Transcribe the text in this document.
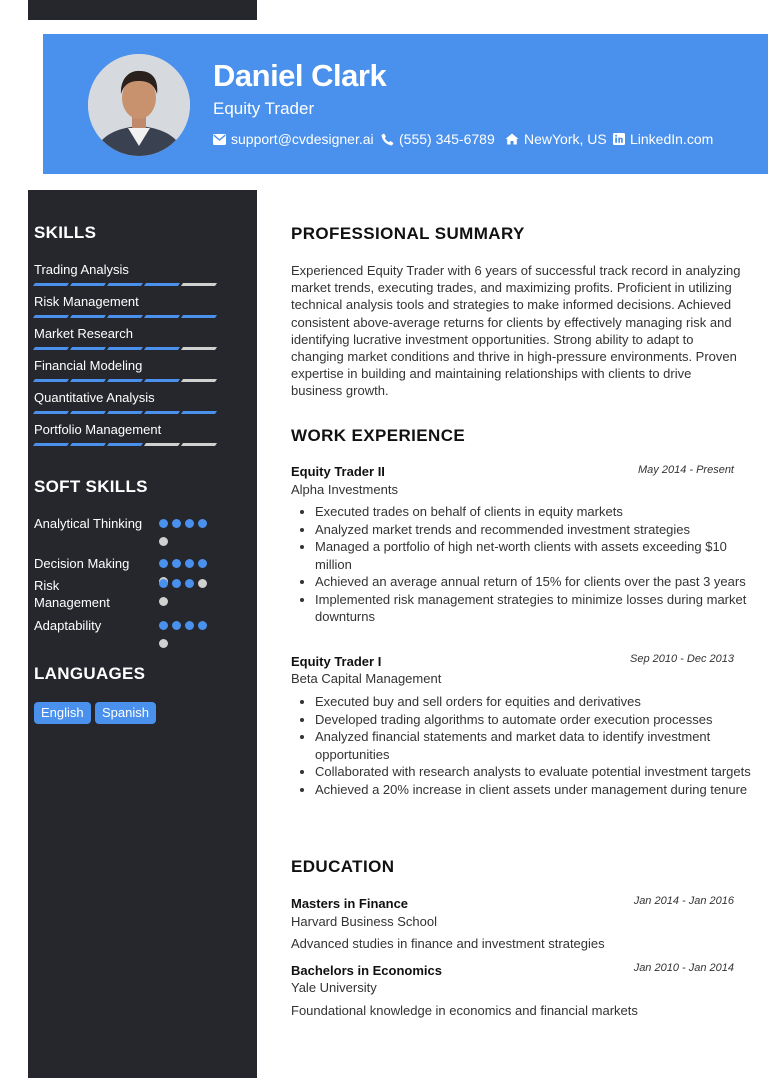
Daniel Clark
Equity Trader
support@cvdesigner.ai (555) 345-6789 NewYork, US LinkedIn.com
SKILLS
Trading Analysis
Risk Management
Market Research
Financial Modeling
Quantitative Analysis
Portfolio Management
SOFT SKILLS
Analytical Thinking
Decision Making
Risk Management
Adaptability
LANGUAGES
English	Spanish
PROFESSIONAL SUMMARY

Experienced Equity Trader with 6 years of successful track record in analyzing market trends, executing trades, and maximizing profits. Proficient in utilizing technical analysis tools and strategies to make informed decisions. Achieved consistent above-average returns for clients by effectively managing risk and identifying lucrative investment opportunities. Strong ability to adapt to changing market conditions and thrive in high-pressure environments. Proven expertise in building and maintaining relationships with clients to drive business growth.

WORK EXPERIENCE
Equity Trader II	May 2014 - Present
Alpha Investments
• Executed trades on behalf of clients in equity markets
• Analyzed market trends and recommended investment strategies
• Managed a portfolio of high net-worth clients with assets exceeding $10 million
• Achieved an average annual return of 15% for clients over the past 3 years
• Implemented risk management strategies to minimize losses during market downturns
Equity Trader I	Sep 2010 - Dec 2013
Beta Capital Management
• Executed buy and sell orders for equities and derivatives
• Developed trading algorithms to automate order execution processes
• Analyzed financial statements and market data to identify investment opportunities
• Collaborated with research analysts to evaluate potential investment targets
• Achieved a 20% increase in client assets under management during tenure
EDUCATION
Masters in Finance	Jan 2014 - Jan 2016
Harvard Business School
Advanced studies in finance and investment strategies
Bachelors in Economics	Jan 2010 - Jan 2014
Yale University
Foundational knowledge in economics and financial markets
